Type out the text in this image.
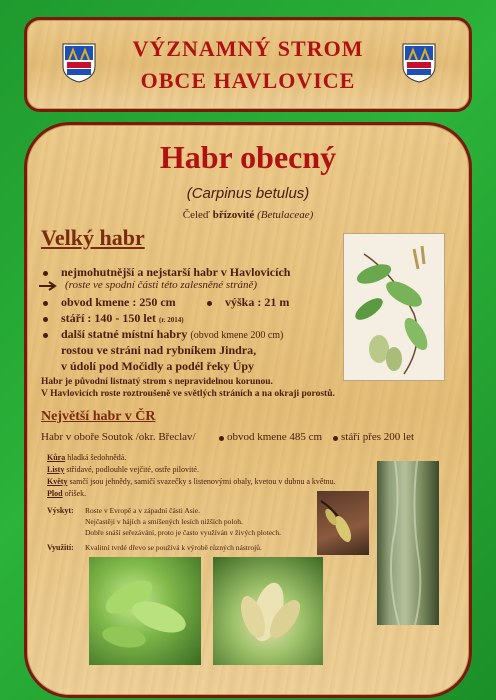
VÝZNAMNÝ STROM
OBCE HAVLOVICE
Habr obecný
(Carpinus betulus)
Čeleď břízovité (Betulaceae)
Velký habr
nejmohutnější a nejstarší habr v Havlovicích
(roste ve spodní části této zalesněné stráně)
obvod kmene : 250 cm	výška : 21 m
stáří : 140 - 150 let (r. 2014)
další statné místní habry (obvod kmene 200 cm)
rostou ve stráni nad rybníkem Jindra,
v údolí pod Močidly a podél řeky Úpy
Habr je původní listnatý strom s nepravidelnou korunou.
V Havlovicích roste roztroušeně ve světlých stráních a na okraji porostů.
Největší habr v ČR
Habr v oboře Soutok /okr. Břeclav/	obvod kmene 485 cm stáří přes 200 let
Kůra hladká šedohnědá.
Listy střídavé, podlouhle vejčité, ostře pilovité.
Květy samčí jsou jehnědy, samičí svazečky s listenovými obaly, kvetou v dubnu a květnu.
Plod oříšek.
Výskyt: Roste v Evropě a v západní části Asie.
Nejčastěji v hájích a smíšených lesích nižších poloh.
Dobře snáší seřezávání, proto je často využíván v živých plotech.
Využití: Kvalitní tvrdé dřevo se používá k výrobě různých nástrojů.
